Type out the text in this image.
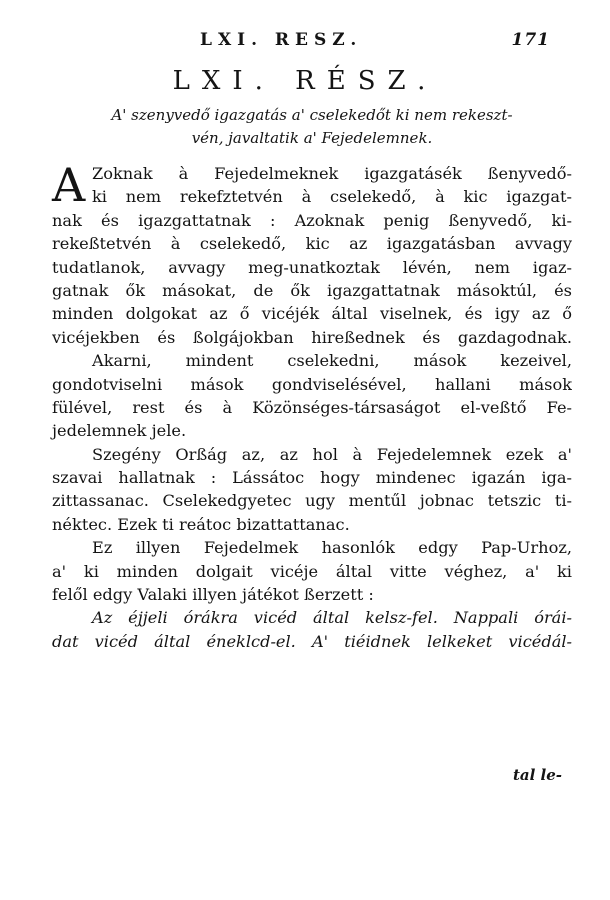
LXI. RESZ.	171
LXI. RÉSZ.
A' szenyvedő igazgatás a' cselekedőt ki nem rekeszt-
vén, javaltatik a' Fejedelemnek.
A Zoknak à Fejedelmeknek igazgatásék ßenyvedő-
ki nem rekefztetvén à cselekedő, à kic igazgat-
nak és igazgattatnak : Azoknak penig ßenyvedő, ki-
rekeßtetvén à cselekedő, kic az igazgatásban avvagy
tudatlanok, avvagy meg-unatkoztak lévén, nem igaz-
gatnak ők másokat, de ők igazgattatnak másoktúl, és
minden dolgokat az ő vicéjék által viselnek, és igy az ő
vicéjekben és ßolgájokban hireßednek és gazdagodnak.
Akarni, mindent cselekedni, mások kezeivel,
gondotviselni mások gondviselésével, hallani mások
fülével, rest és à Közönséges-társaságot el-veßtő Fe-
jedelemnek jele.
Szegény Orßág az, az hol à Fejedelemnek ezek a'
szavai hallatnak : Lássátoc hogy mindenec igazán iga-
zittassanac. Cselekedgyetec ugy mentűl jobnac tetszic ti-
néktec. Ezek ti reátoc bizattattanac.
Ez illyen Fejedelmek hasonlók edgy Pap-Urhoz,
a' ki minden dolgait vicéje által vitte véghez, a' ki
felől edgy Valaki illyen játékot ßerzett :
Az éjjeli órákra vicéd által kelsz-fel. Nappali órái-
dat vicéd által éneklcd-el. A' tiéidnek lelkeket vicédál-
tal le-
